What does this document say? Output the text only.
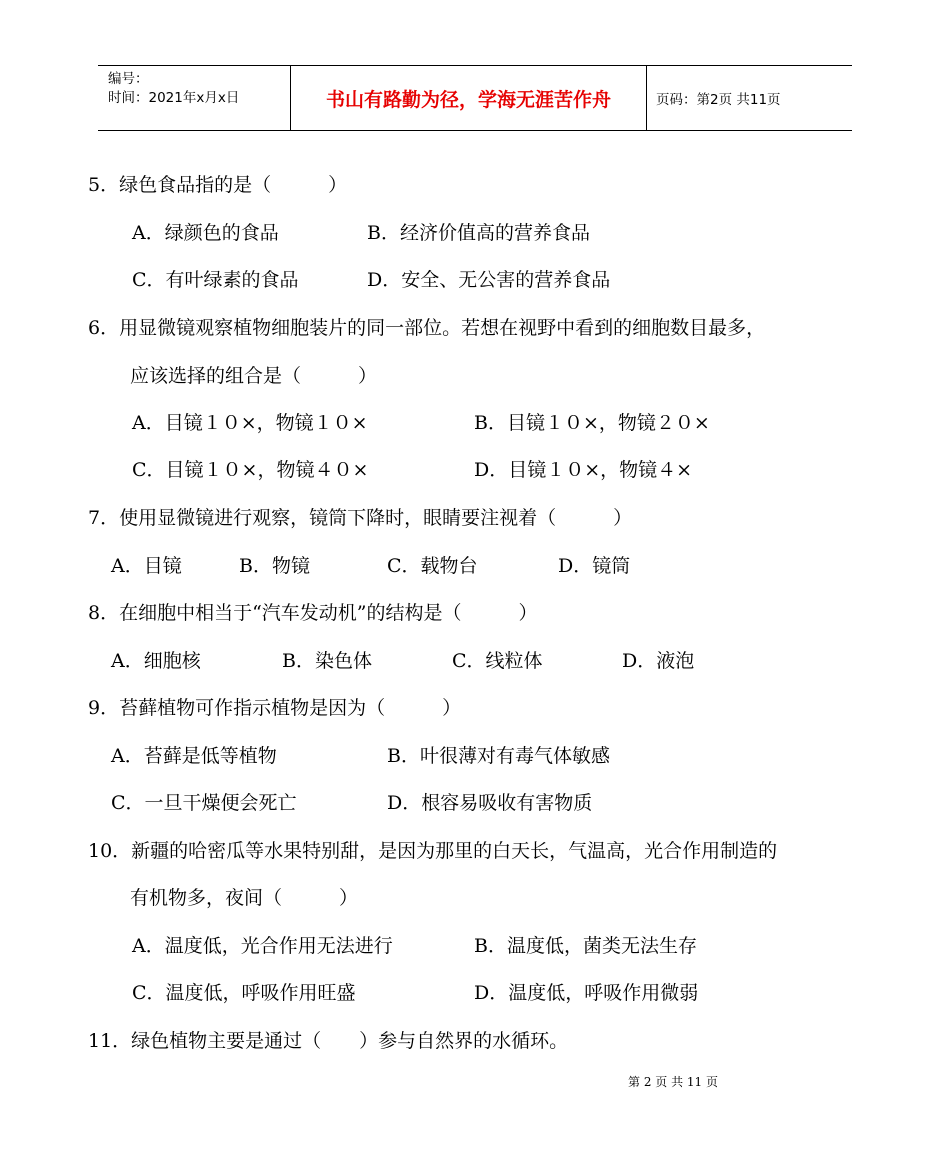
编号：
时间：2021年x月x日	书山有路勤为径，学海无涯苦作舟	页码：第2页 共11页
5．绿色食品指的是（　　　）
A．绿颜色的食品	B．经济价值高的营养食品
C．有叶绿素的食品	D．安全、无公害的营养食品
6．用显微镜观察植物细胞装片的同一部位。若想在视野中看到的细胞数目最多，
应该选择的组合是（　　　）
A．目镜１０×，物镜１０×	B．目镜１０×，物镜２０×
C．目镜１０×，物镜４０×	D．目镜１０×，物镜４×
7．使用显微镜进行观察，镜筒下降时，眼睛要注视着（　　　）
A．目镜	B．物镜	C．载物台	D．镜筒
8．在细胞中相当于“汽车发动机”的结构是（　　　）
A．细胞核	B．染色体	C．线粒体	D．液泡
9．苔藓植物可作指示植物是因为（　　　）
A．苔藓是低等植物	B．叶很薄对有毒气体敏感
C．一旦干燥便会死亡	D．根容易吸收有害物质
10．新疆的哈密瓜等水果特别甜，是因为那里的白天长，气温高，光合作用制造的
有机物多，夜间（　　　）
A．温度低，光合作用无法进行	B．温度低，菌类无法生存
C．温度低，呼吸作用旺盛	D．温度低，呼吸作用微弱
11．绿色植物主要是通过（　　）参与自然界的水循环。
第 2 页 共 11 页
